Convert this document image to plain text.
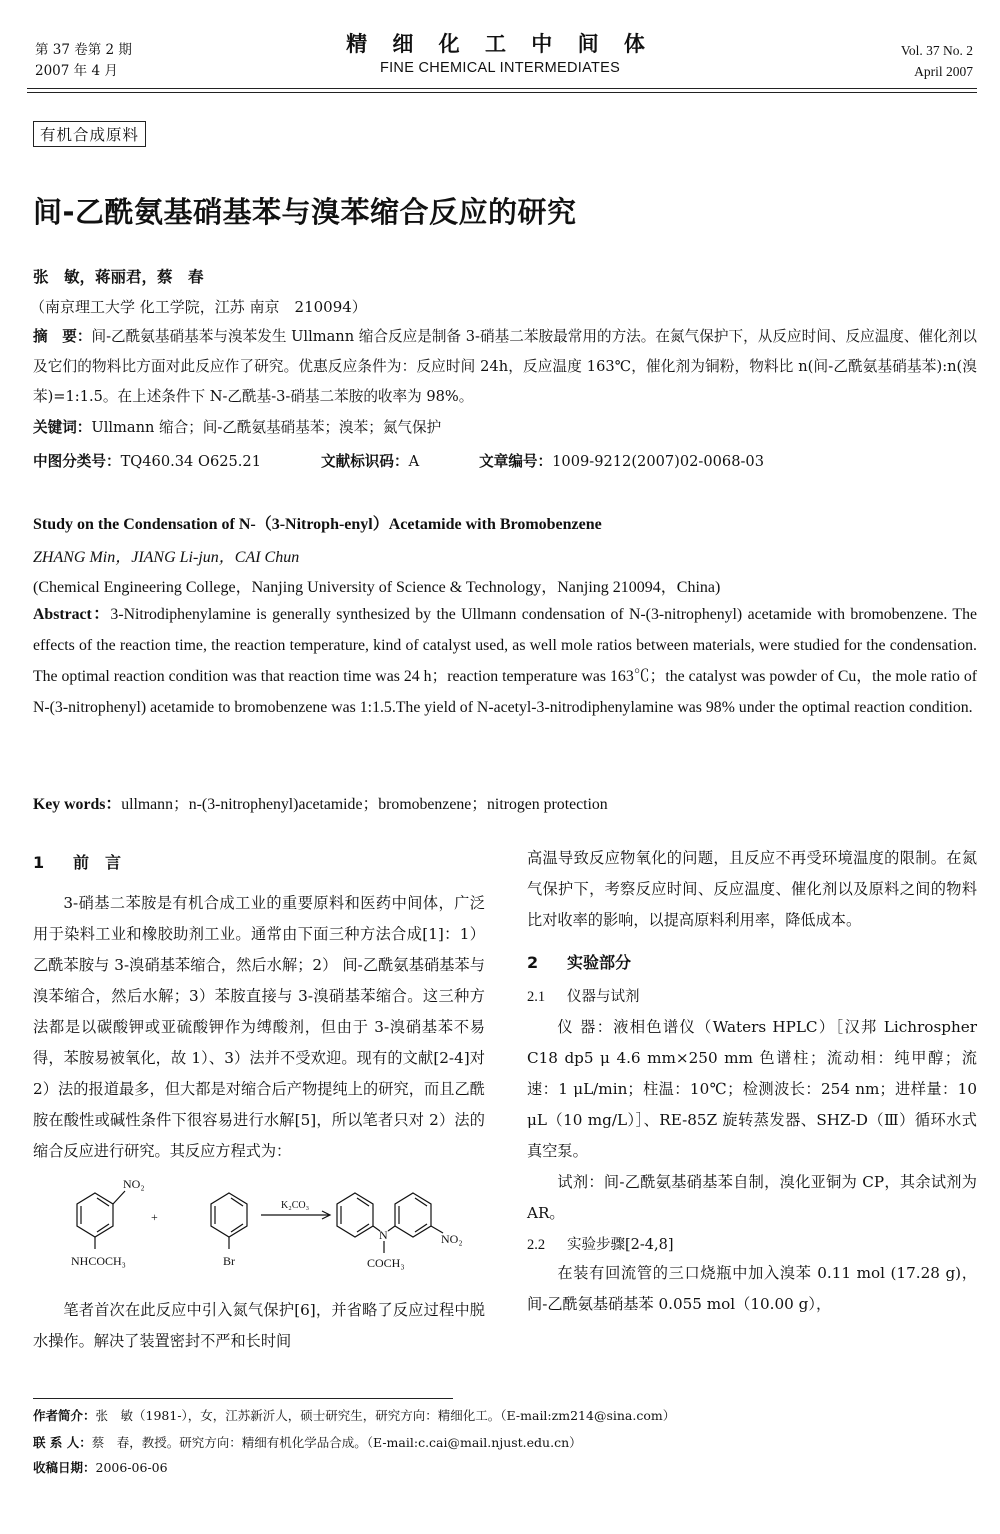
第 37 卷第 2 期
2007 年 4 月
精 细 化 工 中 间 体
FINE CHEMICAL INTERMEDIATES
Vol. 37 No. 2
April 2007
有机合成原料
间-乙酰氨基硝基苯与溴苯缩合反应的研究
张　敏，蒋丽君，蔡　春
（南京理工大学 化工学院，江苏 南京　210094）
摘　要：间-乙酰氨基硝基苯与溴苯发生 Ullmann 缩合反应是制备 3-硝基二苯胺最常用的方法。在氮气保护下，从反应时间、反应温度、催化剂以及它们的物料比方面对此反应作了研究。优惠反应条件为：反应时间 24h，反应温度 163℃，催化剂为铜粉，物料比 n(间-乙酰氨基硝基苯):n(溴苯)=1:1.5。在上述条件下 N-乙酰基-3-硝基二苯胺的收率为 98%。
关键词：Ullmann 缩合；间-乙酰氨基硝基苯；溴苯；氮气保护
中图分类号：TQ460.34 O625.21	文献标识码：A	文章编号：1009-9212(2007)02-0068-03
Study on the Condensation of N-（3-Nitroph-enyl）Acetamide with Bromobenzene
ZHANG Min，JIANG Li-jun，CAI Chun
(Chemical Engineering College，Nanjing University of Science & Technology，Nanjing 210094，China)
Abstract：3-Nitrodiphenylamine is generally synthesized by the Ullmann condensation of N-(3-nitrophenyl) acetamide with bromobenzene. The effects of the reaction time, the reaction temperature, kind of catalyst used, as well mole ratios between materials, were studied for the condensation. The optimal reaction condition was that reaction time was 24 h；reaction temperature was 163℃；the catalyst was powder of Cu，the mole ratio of N-(3-nitrophenyl) acetamide to bromobenzene was 1:1.5.The yield of N-acetyl-3-nitrodiphenylamine was 98% under the optimal reaction condition.
Key words：ullmann；n-(3-nitrophenyl)acetamide；bromobenzene；nitrogen protection
1 前　言
3-硝基二苯胺是有机合成工业的重要原料和医药中间体，广泛用于染料工业和橡胶助剂工业。通常由下面三种方法合成[1]：1）乙酰苯胺与 3-溴硝基苯缩合，然后水解；2） 间-乙酰氨基硝基苯与溴苯缩合，然后水解；3）苯胺直接与 3-溴硝基苯缩合。这三种方法都是以碳酸钾或亚硫酸钾作为缚酸剂，但由于 3-溴硝基苯不易得，苯胺易被氧化，故 1）、3）法并不受欢迎。现有的文献[2-4]对 2）法的报道最多，但大都是对缩合后产物提纯上的研究，而且乙酰胺在酸性或碱性条件下很容易进行水解[5]，所以笔者只对 2）法的缩合反应进行研究。其反应方程式为：
NO₂
NHCOCH₃
+
Br
K₂CO₃
N
COCH₃
NO₂
笔者首次在此反应中引入氮气保护[6]，并省略了反应过程中脱水操作。解决了装置密封不严和长时间
高温导致反应物氧化的问题，且反应不再受环境温度的限制。在氮气保护下，考察反应时间、反应温度、催化剂以及原料之间的物料比对收率的影响，以提高原料利用率，降低成本。
2 实验部分
2.1 仪器与试剂
仪 器：液相色谱仪（Waters HPLC）［汉邦 Lichrospher C18 dp5 μ 4.6 mm×250 mm 色谱柱；流动相：纯甲醇；流速：1 μL/min；柱温：10℃；检测波长：254 nm；进样量：10 μL（10 mg/L）］、RE-85Z 旋转蒸发器、SHZ-D（Ⅲ）循环水式真空泵。
试剂：间-乙酰氨基硝基苯自制，溴化亚铜为 CP，其余试剂为 AR。
2.2 实验步骤[2-4,8]
在装有回流管的三口烧瓶中加入溴苯 0.11 mol (17.28 g)，间-乙酰氨基硝基苯 0.055 mol（10.00 g），
作者简介：张　敏（1981-），女，江苏新沂人，硕士研究生，研究方向：精细化工。（E-mail:zm214@sina.com）
联 系 人：蔡　春，教授。研究方向：精细有机化学品合成。（E-mail:c.cai@mail.njust.edu.cn）
收稿日期：2006-06-06
